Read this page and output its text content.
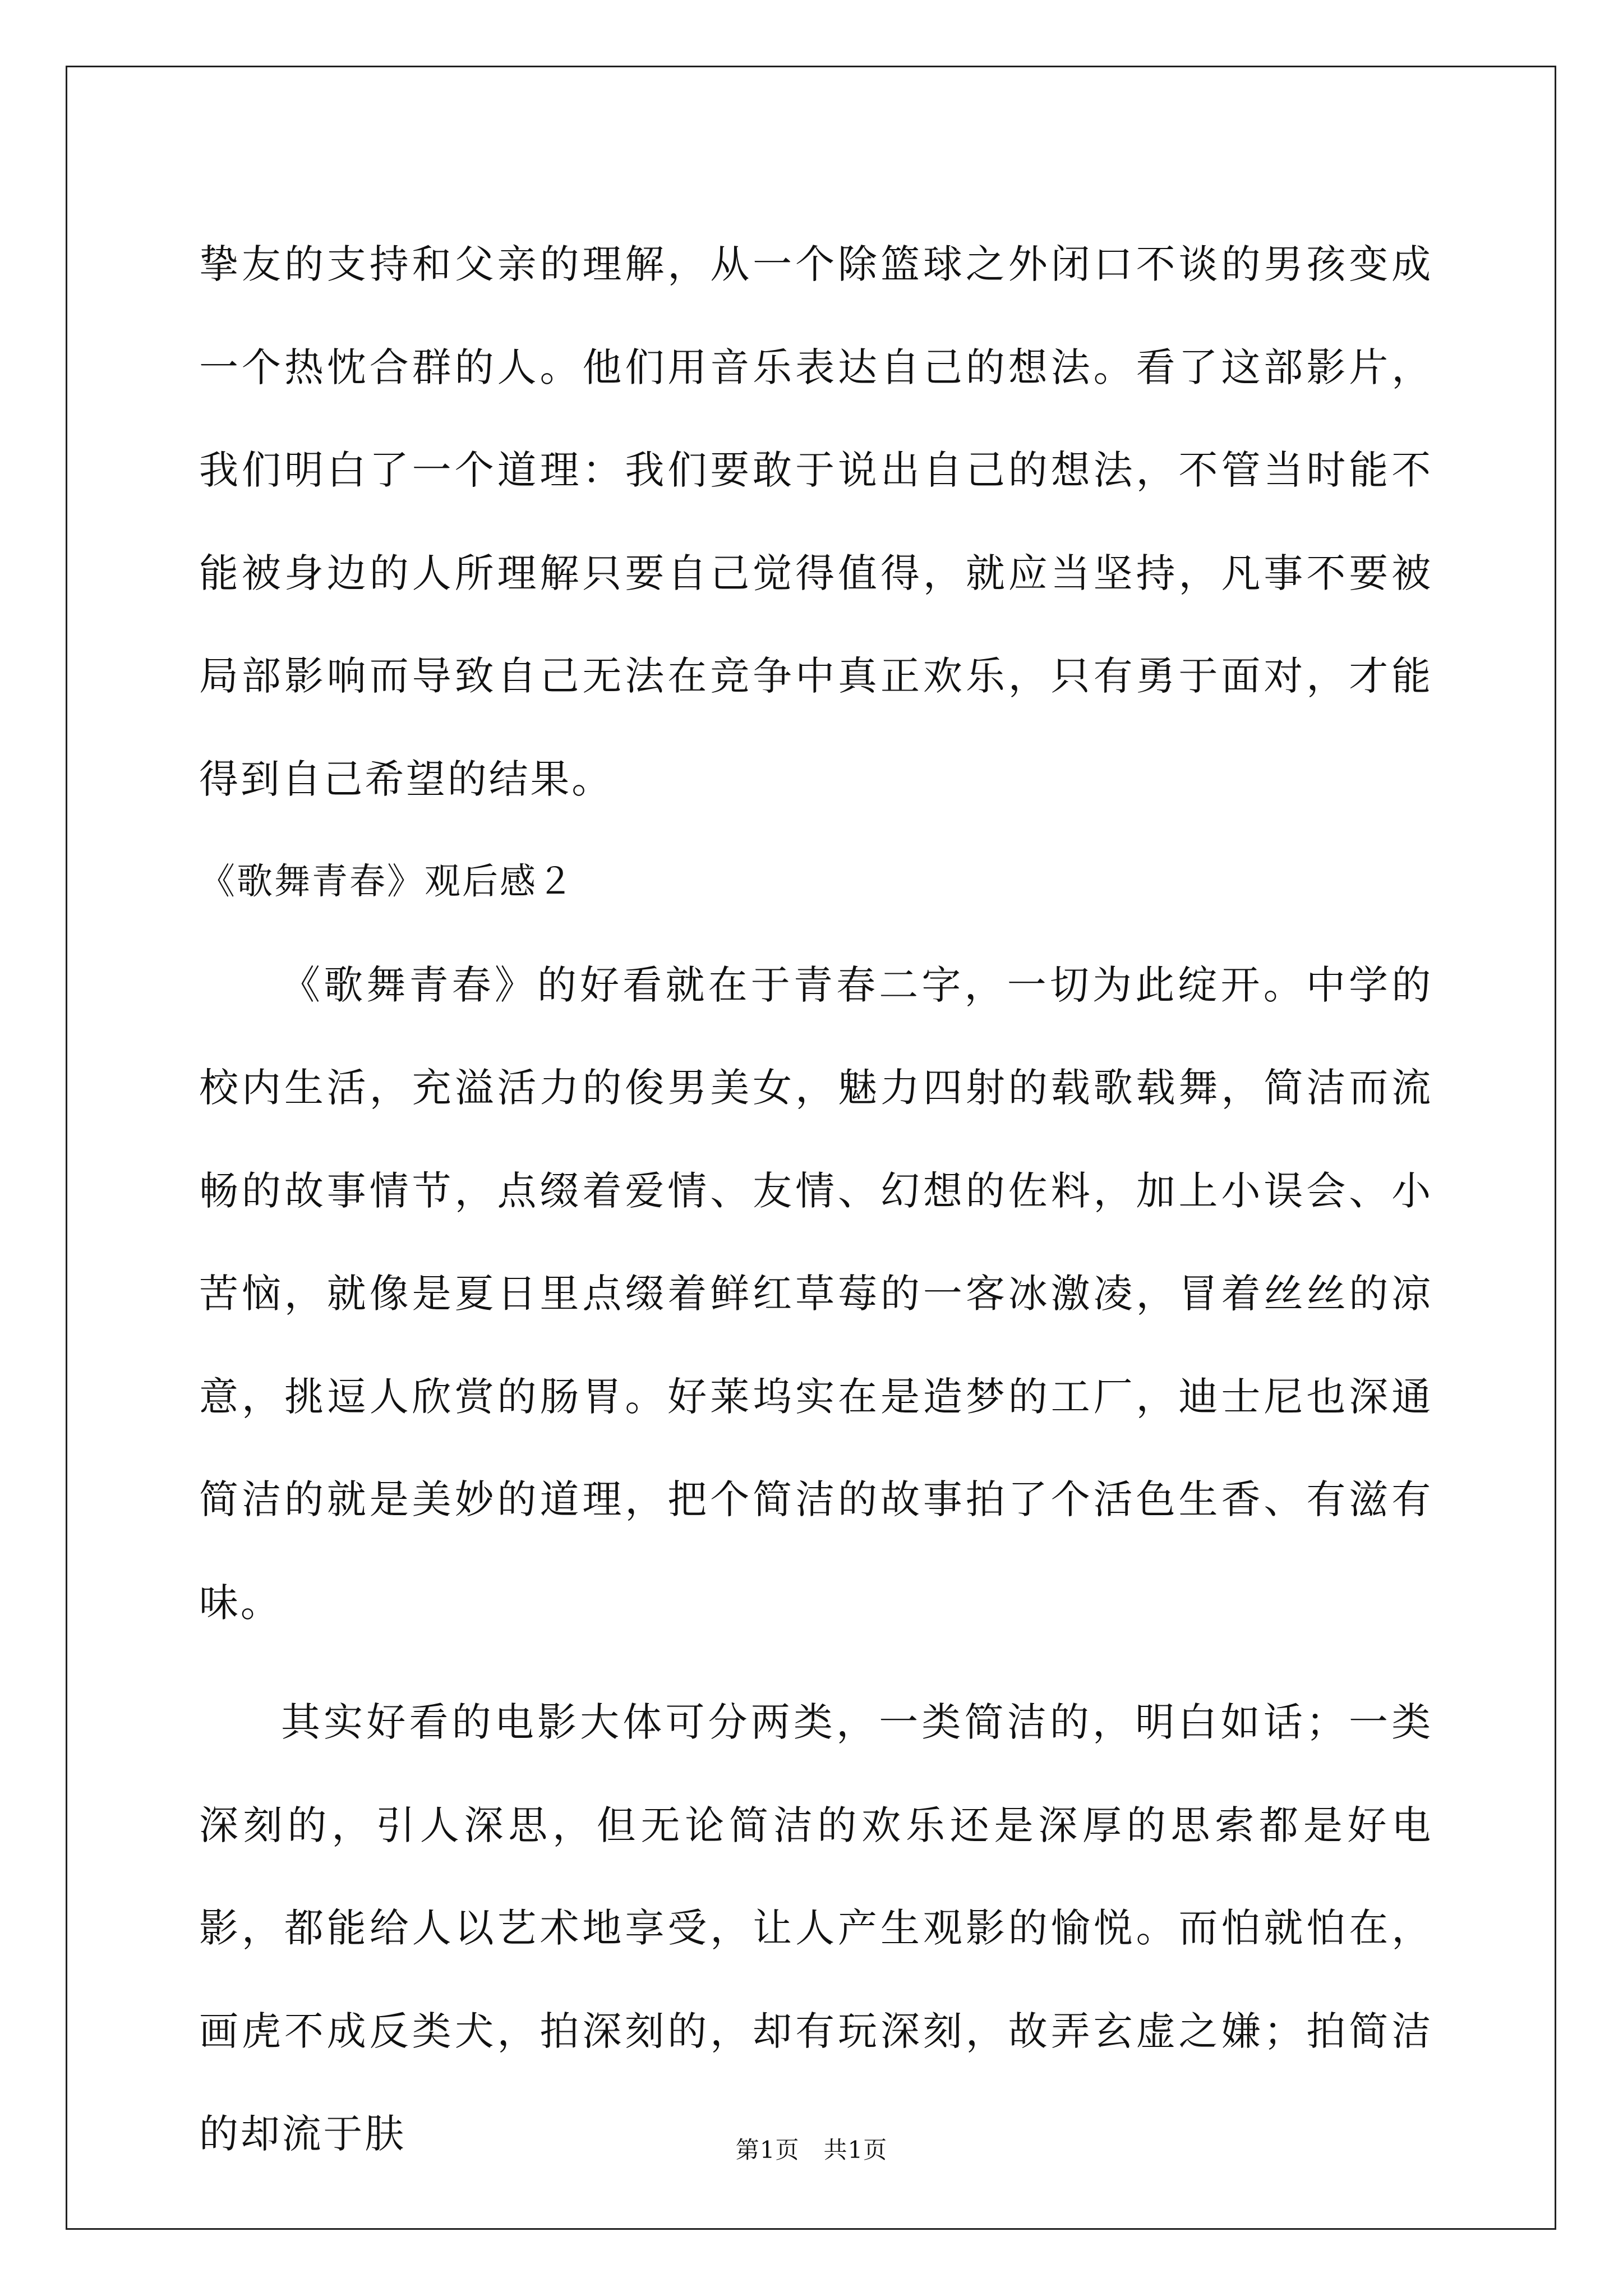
挚友的支持和父亲的理解，从一个除篮球之外闭口不谈的男孩变成一个热忱合群的人。他们用音乐表达自己的想法。看了这部影片，我们明白了一个道理：我们要敢于说出自己的想法，不管当时能不能被身边的人所理解只要自己觉得值得，就应当坚持，凡事不要被局部影响而导致自己无法在竞争中真正欢乐，只有勇于面对，才能得到自己希望的结果。

《歌舞青春》观后感２

《歌舞青春》的好看就在于青春二字，一切为此绽开。中学的校内生活，充溢活力的俊男美女，魅力四射的载歌载舞，简洁而流畅的故事情节，点缀着爱情、友情、幻想的佐料，加上小误会、小苦恼，就像是夏日里点缀着鲜红草莓的一客冰激凌，冒着丝丝的凉意，挑逗人欣赏的肠胃。好莱坞实在是造梦的工厂，迪士尼也深通简洁的就是美妙的道理，把个简洁的故事拍了个活色生香、有滋有味。

其实好看的电影大体可分两类，一类简洁的，明白如话；一类深刻的，引人深思，但无论简洁的欢乐还是深厚的思索都是好电影，都能给人以艺术地享受，让人产生观影的愉悦。而怕就怕在，画虎不成反类犬，拍深刻的，却有玩深刻，故弄玄虚之嫌；拍简洁的却流于肤	第1页　共1页
